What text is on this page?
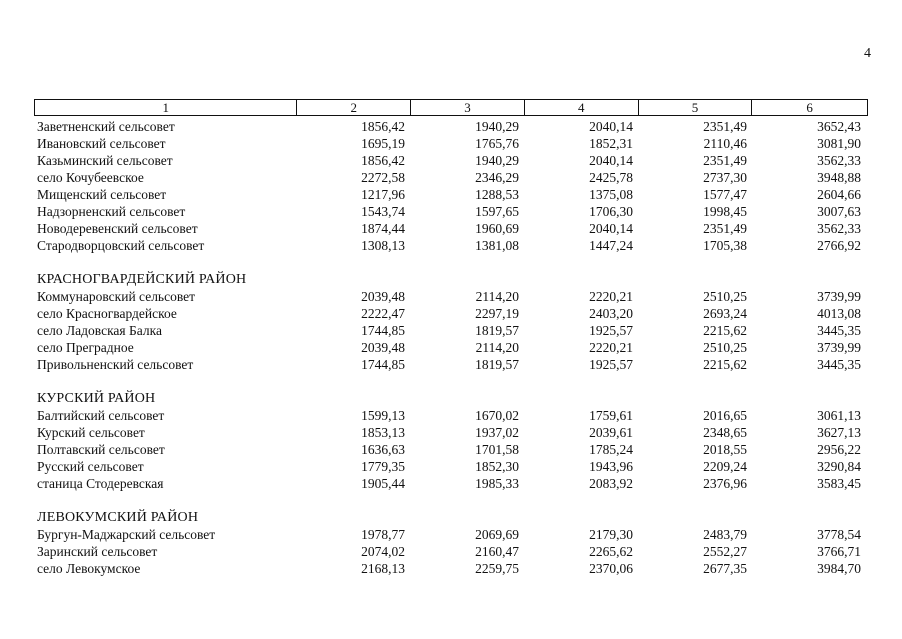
4
1	2	3	4	5	6
Заветненский сельсовет	1856,42	1940,29	2040,14	2351,49	3652,43
Ивановский сельсовет	1695,19	1765,76	1852,31	2110,46	3081,90
Казьминский сельсовет	1856,42	1940,29	2040,14	2351,49	3562,33
село Кочубеевское	2272,58	2346,29	2425,78	2737,30	3948,88
Мищенский сельсовет	1217,96	1288,53	1375,08	1577,47	2604,66
Надзорненский сельсовет	1543,74	1597,65	1706,30	1998,45	3007,63
Новодеревенский сельсовет	1874,44	1960,69	2040,14	2351,49	3562,33
Стародворцовский сельсовет	1308,13	1381,08	1447,24	1705,38	2766,92
КРАСНОГВАРДЕЙСКИЙ РАЙОН
Коммунаровский сельсовет	2039,48	2114,20	2220,21	2510,25	3739,99
село Красногвардейское	2222,47	2297,19	2403,20	2693,24	4013,08
село Ладовская Балка	1744,85	1819,57	1925,57	2215,62	3445,35
село Преградное	2039,48	2114,20	2220,21	2510,25	3739,99
Привольненский сельсовет	1744,85	1819,57	1925,57	2215,62	3445,35
КУРСКИЙ РАЙОН
Балтийский сельсовет	1599,13	1670,02	1759,61	2016,65	3061,13
Курский сельсовет	1853,13	1937,02	2039,61	2348,65	3627,13
Полтавский сельсовет	1636,63	1701,58	1785,24	2018,55	2956,22
Русский сельсовет	1779,35	1852,30	1943,96	2209,24	3290,84
станица Стодеревская	1905,44	1985,33	2083,92	2376,96	3583,45
ЛЕВОКУМСКИЙ РАЙОН
Бургун-Маджарский сельсовет	1978,77	2069,69	2179,30	2483,79	3778,54
Заринский сельсовет	2074,02	2160,47	2265,62	2552,27	3766,71
село Левокумское	2168,13	2259,75	2370,06	2677,35	3984,70
